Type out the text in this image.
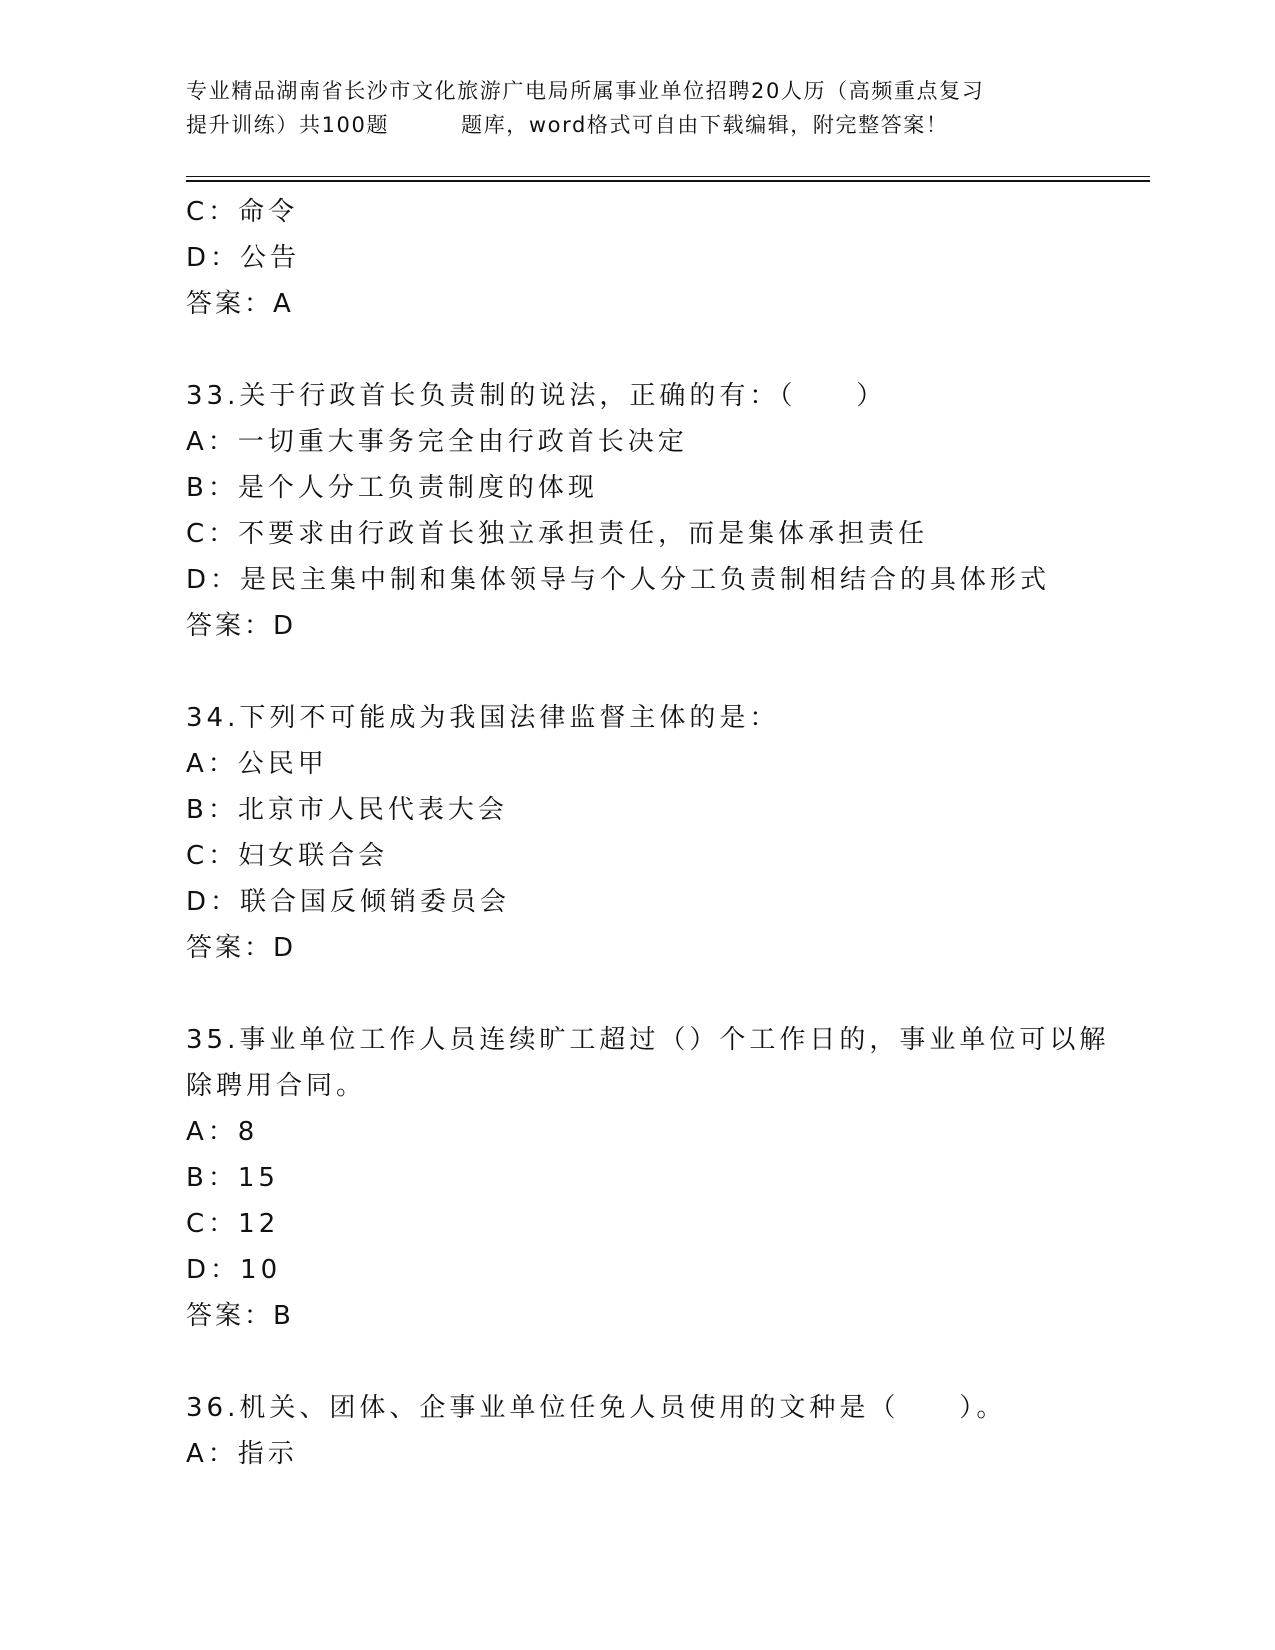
专业精品湖南省长沙市文化旅游广电局所属事业单位招聘20人历（高频重点复习
提升训练）共100题	题库，word格式可自由下载编辑，附完整答案！
C：命令
D：公告
答案：A
33.关于行政首长负责制的说法，正确的有：（　　）
A：一切重大事务完全由行政首长决定
B：是个人分工负责制度的体现
C：不要求由行政首长独立承担责任，而是集体承担责任
D：是民主集中制和集体领导与个人分工负责制相结合的具体形式
答案：D
34.下列不可能成为我国法律监督主体的是：
A：公民甲
B：北京市人民代表大会
C：妇女联合会
D：联合国反倾销委员会
答案：D
35.事业单位工作人员连续旷工超过（）个工作日的，事业单位可以解
除聘用合同。
A：8
B：15
C：12
D：10
答案：B
36.机关、团体、企事业单位任免人员使用的文种是（　　）。
A：指示
